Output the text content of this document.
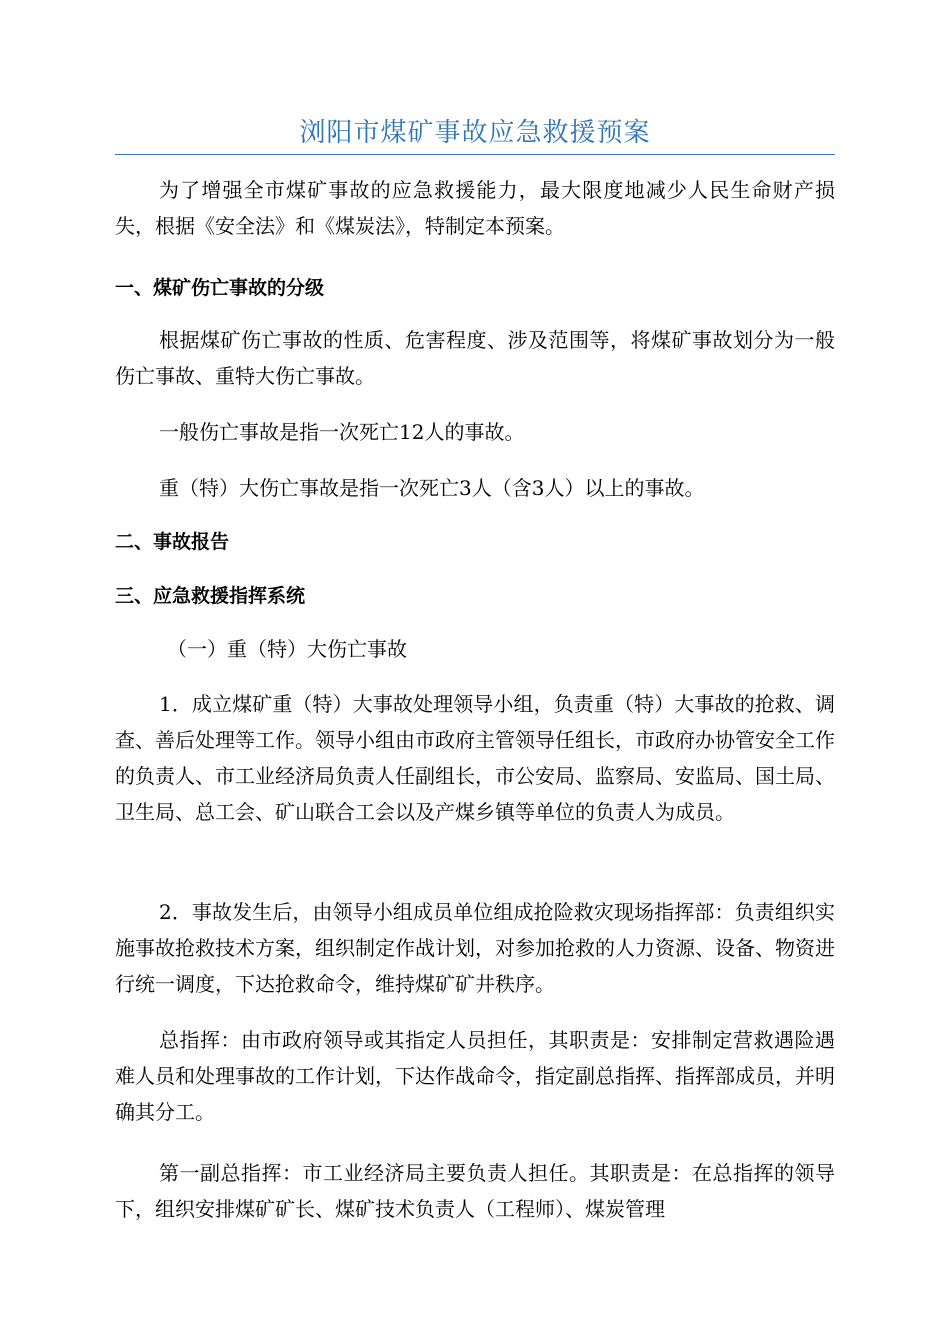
浏阳市煤矿事故应急救援预案
为了增强全市煤矿事故的应急救援能力，最大限度地减少人民生命财产损失，根据《安全法》和《煤炭法》，特制定本预案。
一、煤矿伤亡事故的分级
根据煤矿伤亡事故的性质、危害程度、涉及范围等，将煤矿事故划分为一般伤亡事故、重特大伤亡事故。
一般伤亡事故是指一次死亡12人的事故。
重（特）大伤亡事故是指一次死亡3人（含3人）以上的事故。
二、事故报告
三、应急救援指挥系统
（一）重（特）大伤亡事故
1．成立煤矿重（特）大事故处理领导小组，负责重（特）大事故的抢救、调查、善后处理等工作。领导小组由市政府主管领导任组长，市政府办协管安全工作的负责人、市工业经济局负责人任副组长，市公安局、监察局、安监局、国土局、卫生局、总工会、矿山联合工会以及产煤乡镇等单位的负责人为成员。
2．事故发生后，由领导小组成员单位组成抢险救灾现场指挥部：负责组织实施事故抢救技术方案，组织制定作战计划，对参加抢救的人力资源、设备、物资进行统一调度，下达抢救命令，维持煤矿矿井秩序。
总指挥：由市政府领导或其指定人员担任，其职责是：安排制定营救遇险遇难人员和处理事故的工作计划，下达作战命令，指定副总指挥、指挥部成员，并明确其分工。
第一副总指挥：市工业经济局主要负责人担任。其职责是：在总指挥的领导下，组织安排煤矿矿长、煤矿技术负责人（工程师）、煤炭管理
